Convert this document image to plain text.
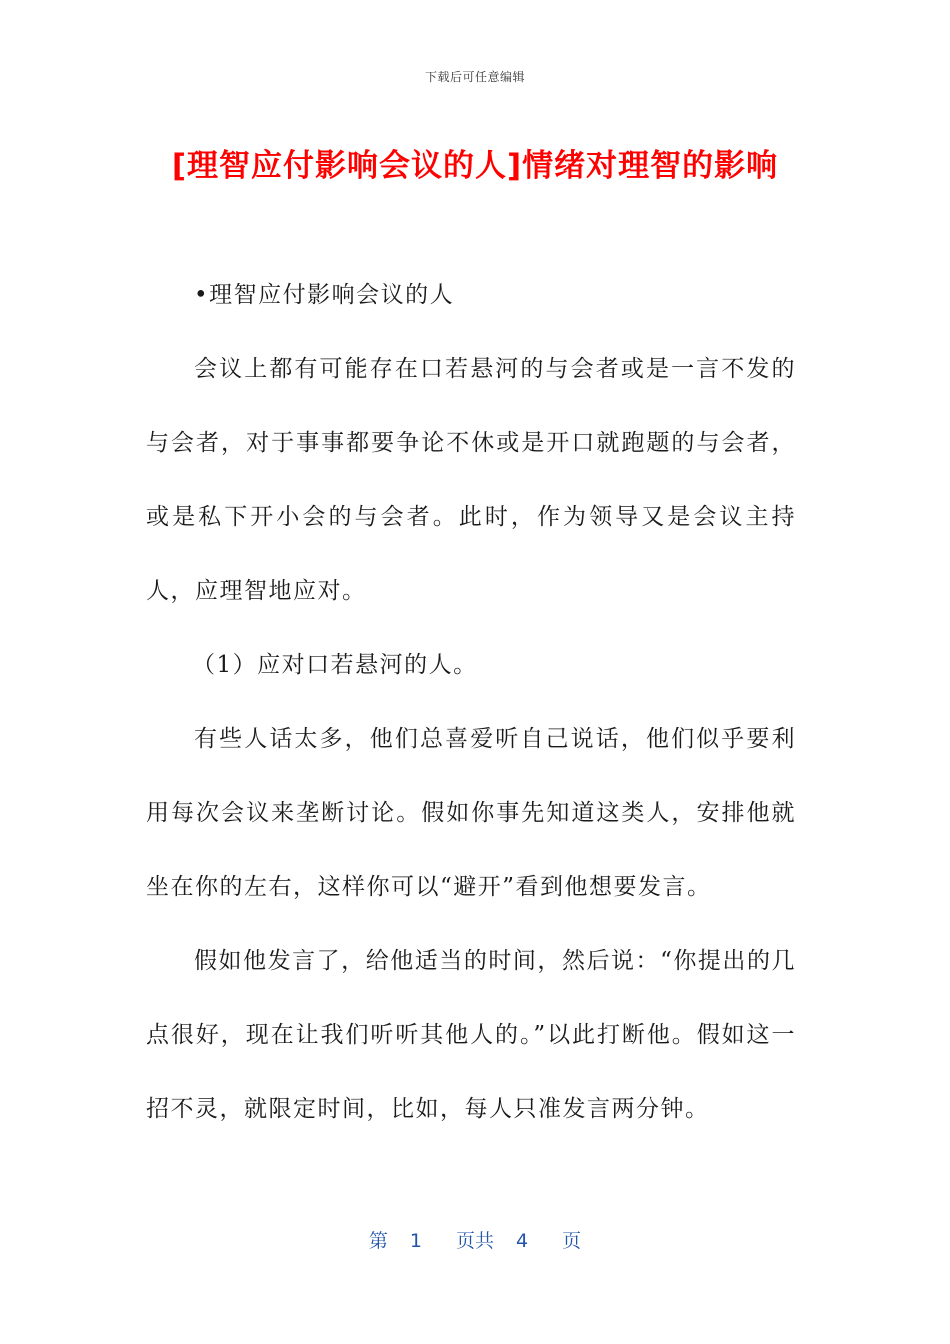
下载后可任意编辑
[理智应付影响会议的人]情绪对理智的影响

•理智应付影响会议的人

会议上都有可能存在口若悬河的与会者或是一言不发的与会者，对于事事都要争论不休或是开口就跑题的与会者，或是私下开小会的与会者。此时，作为领导又是会议主持人，应理智地应对。

（1）应对口若悬河的人。

有些人话太多，他们总喜爱听自己说话，他们似乎要利用每次会议来垄断讨论。假如你事先知道这类人，安排他就坐在你的左右，这样你可以“避开”看到他想要发言。

假如他发言了，给他适当的时间，然后说：“你提出的几点很好，现在让我们听听其他人的。”以此打断他。假如这一招不灵，就限定时间，比如，每人只准发言两分钟。

第 1 页共 4 页
